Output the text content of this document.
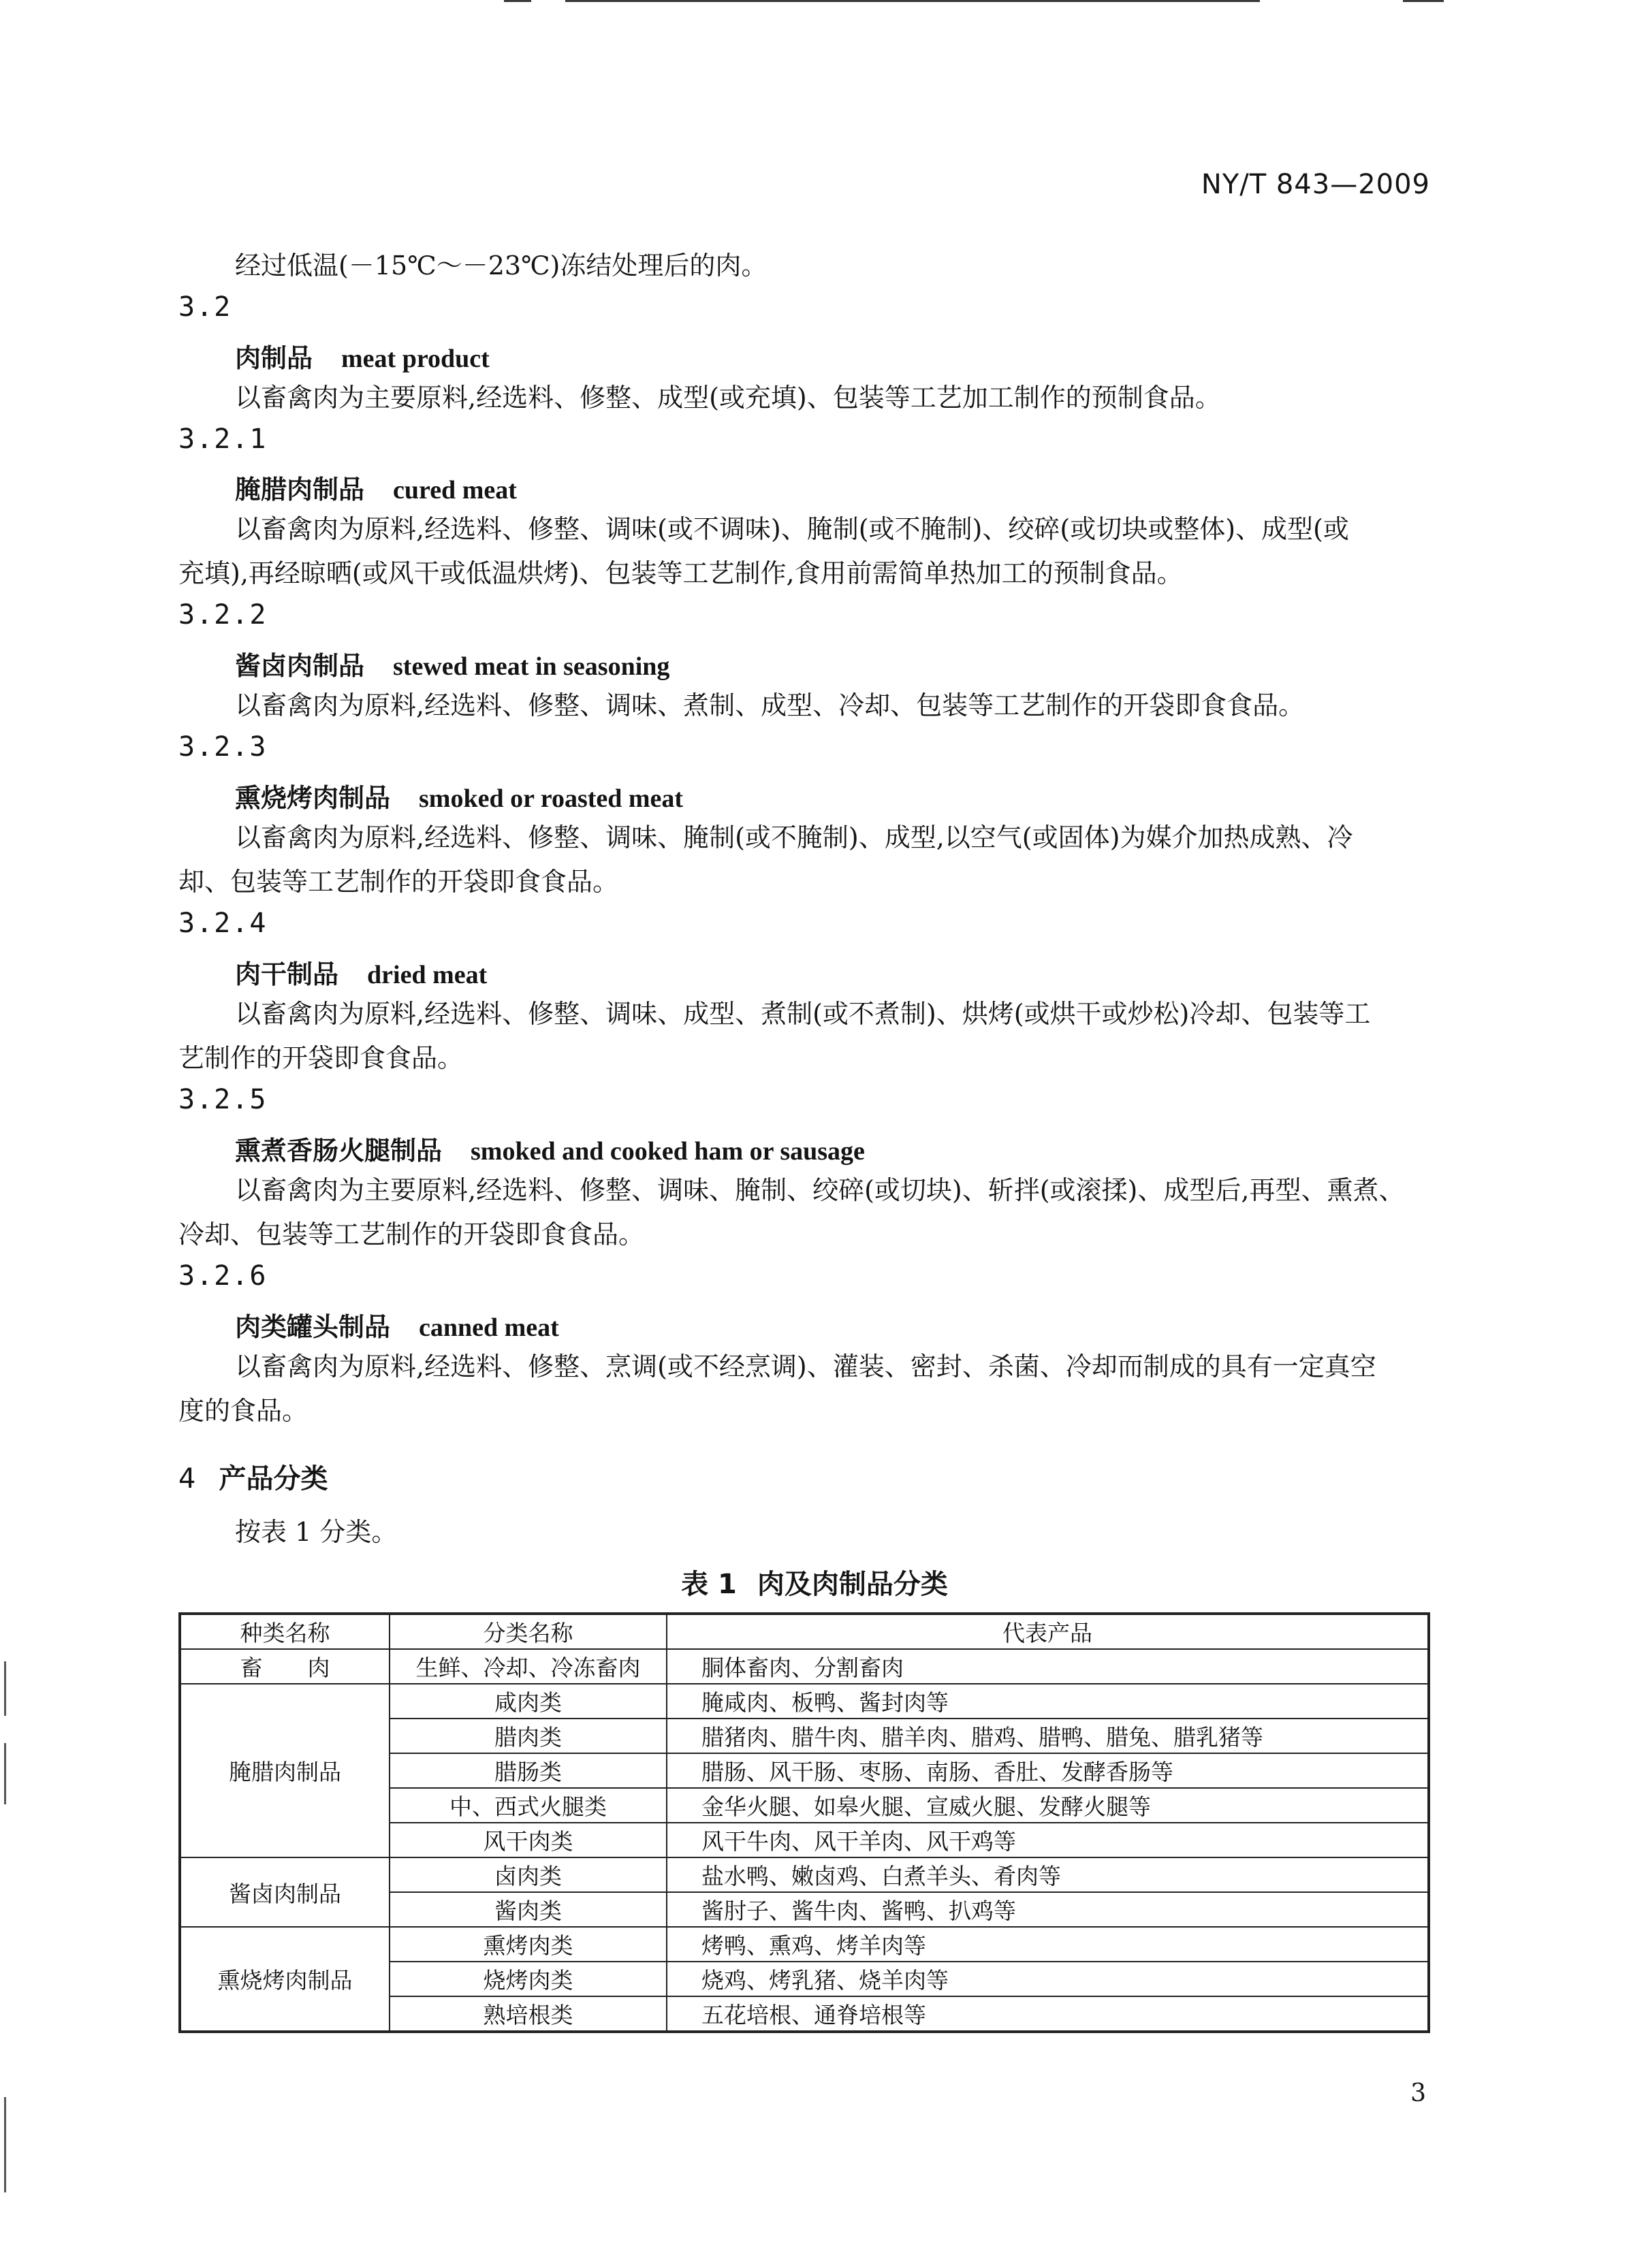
NY/T 843—2009

经过低温(－15℃～－23℃)冻结处理后的肉。

3.2
肉制品 meat product

以畜禽肉为主要原料,经选料、修整、成型(或充填)、包装等工艺加工制作的预制食品。

3.2.1
腌腊肉制品 cured meat

以畜禽肉为原料,经选料、修整、调味(或不调味)、腌制(或不腌制)、绞碎(或切块或整体)、成型(或

充填),再经晾晒(或风干或低温烘烤)、包装等工艺制作,食用前需简单热加工的预制食品。

3.2.2
酱卤肉制品 stewed meat in seasoning

以畜禽肉为原料,经选料、修整、调味、煮制、成型、冷却、包装等工艺制作的开袋即食食品。

3.2.3
熏烧烤肉制品 smoked or roasted meat

以畜禽肉为原料,经选料、修整、调味、腌制(或不腌制)、成型,以空气(或固体)为媒介加热成熟、冷

却、包装等工艺制作的开袋即食食品。

3.2.4
肉干制品 dried meat

以畜禽肉为原料,经选料、修整、调味、成型、煮制(或不煮制)、烘烤(或烘干或炒松)冷却、包装等工

艺制作的开袋即食食品。

3.2.5
熏煮香肠火腿制品 smoked and cooked ham or sausage

以畜禽肉为主要原料,经选料、修整、调味、腌制、绞碎(或切块)、斩拌(或滚揉)、成型后,再型、熏煮、

冷却、包装等工艺制作的开袋即食食品。

3.2.6
肉类罐头制品 canned meat

以畜禽肉为原料,经选料、修整、烹调(或不经烹调)、灌装、密封、杀菌、冷却而制成的具有一定真空

度的食品。

4 产品分类

按表 1 分类。

表 1 肉及肉制品分类
种类名称	分类名称	代表产品
畜　　肉	生鲜、冷却、冷冻畜肉	胴体畜肉、分割畜肉
腌腊肉制品	咸肉类	腌咸肉、板鸭、酱封肉等
	腊肉类	腊猪肉、腊牛肉、腊羊肉、腊鸡、腊鸭、腊兔、腊乳猪等
	腊肠类	腊肠、风干肠、枣肠、南肠、香肚、发酵香肠等
	中、西式火腿类	金华火腿、如皋火腿、宣威火腿、发酵火腿等
	风干肉类	风干牛肉、风干羊肉、风干鸡等
酱卤肉制品	卤肉类	盐水鸭、嫩卤鸡、白煮羊头、肴肉等
	酱肉类	酱肘子、酱牛肉、酱鸭、扒鸡等
熏烧烤肉制品	熏烤肉类	烤鸭、熏鸡、烤羊肉等
	烧烤肉类	烧鸡、烤乳猪、烧羊肉等
	熟培根类	五花培根、通脊培根等
3
